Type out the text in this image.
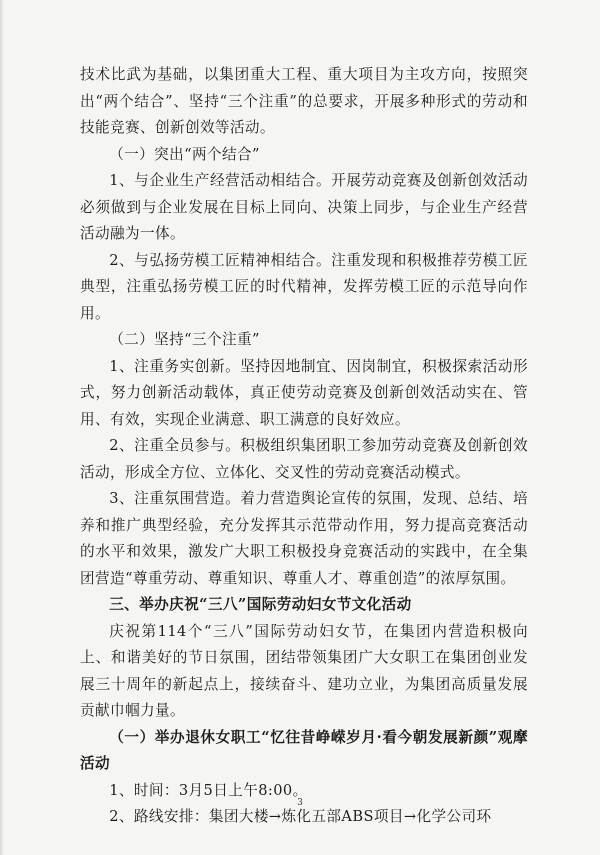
技术比武为基础，以集团重大工程、重大项目为主攻方向，按照突出“两个结合”、坚持“三个注重”的总要求，开展多种形式的劳动和技能竞赛、创新创效等活动。

（一）突出“两个结合”

1、与企业生产经营活动相结合。开展劳动竞赛及创新创效活动必须做到与企业发展在目标上同向、决策上同步，与企业生产经营活动融为一体。

2、与弘扬劳模工匠精神相结合。注重发现和积极推荐劳模工匠典型，注重弘扬劳模工匠的时代精神，发挥劳模工匠的示范导向作用。

（二）坚持“三个注重”

1、注重务实创新。坚持因地制宜、因岗制宜，积极探索活动形式，努力创新活动载体，真正使劳动竞赛及创新创效活动实在、管用、有效，实现企业满意、职工满意的良好效应。

2、注重全员参与。积极组织集团职工参加劳动竞赛及创新创效活动，形成全方位、立体化、交叉性的劳动竞赛活动模式。

3、注重氛围营造。着力营造舆论宣传的氛围，发现、总结、培养和推广典型经验，充分发挥其示范带动作用，努力提高竞赛活动的水平和效果，激发广大职工积极投身竞赛活动的实践中，在全集团营造“尊重劳动、尊重知识、尊重人才、尊重创造”的浓厚氛围。

三、举办庆祝“三八”国际劳动妇女节文化活动

庆祝第114个“三八”国际劳动妇女节，在集团内营造积极向上、和谐美好的节日氛围，团结带领集团广大女职工在集团创业发展三十周年的新起点上，接续奋斗、建功立业，为集团高质量发展贡献巾帼力量。

（一）举办退休女职工“忆往昔峥嵘岁月·看今朝发展新颜”观摩活动

1、时间：3月5日上午8:00。

2、路线安排：集团大楼→炼化五部ABS项目→化学公司环

3
